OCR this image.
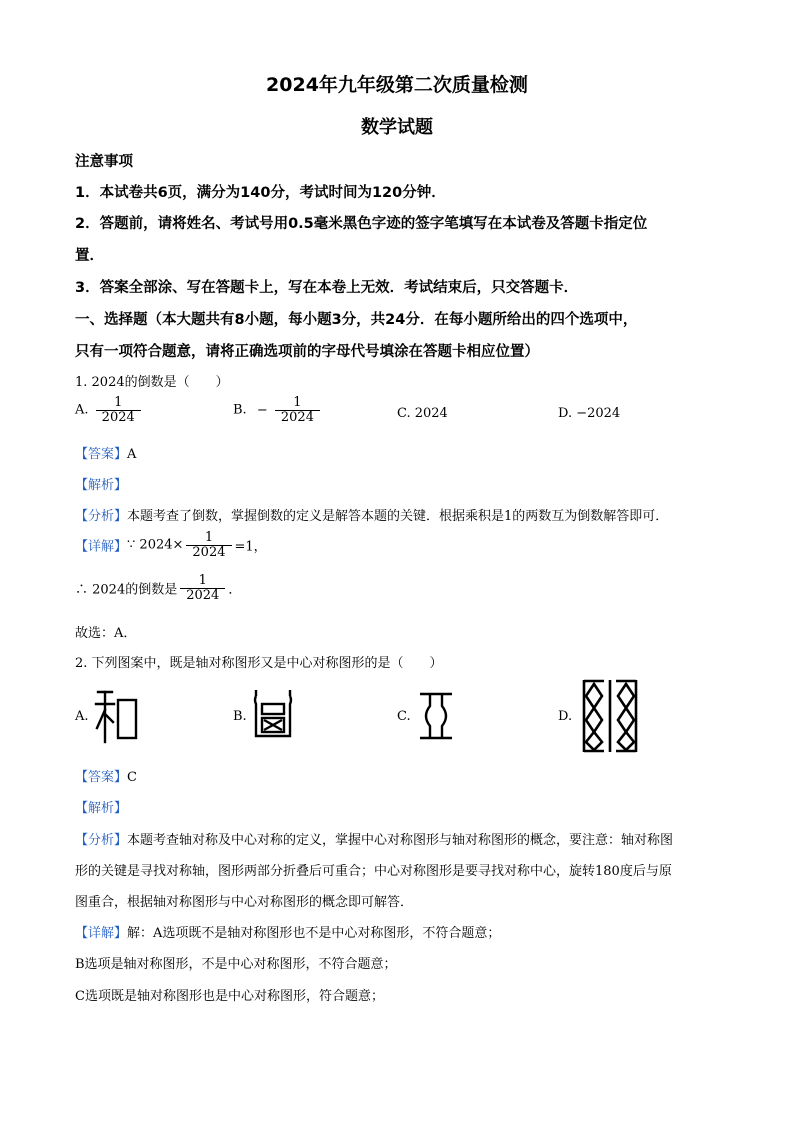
2024年九年级第二次质量检测
数学试题
注意事项
1．本试卷共6页，满分为140分，考试时间为120分钟．
2．答题前，请将姓名、考试号用0.5毫米黑色字迹的签字笔填写在本试卷及答题卡指定位
置．
3．答案全部涂、写在答题卡上，写在本卷上无效．考试结束后，只交答题卡．
一、选择题（本大题共有8小题，每小题3分，共24分．在每小题所给出的四个选项中，
只有一项符合题意，请将正确选项前的字母代号填涂在答题卡相应位置）
1. 2024的倒数是（　　）
A. $\frac{1}{2024}$	B. − $\frac{1}{2024}$	C. 2024	D. −2024
【答案】A
【解析】
【分析】本题考查了倒数，掌握倒数的定义是解答本题的关键．根据乘积是1的两数互为倒数解答即可．
【详解】∵ $2024\times \frac{1}{2024} =1$，
∴ 2024的倒数是 $\frac{1}{2024}$ ．
故选：A．
2. 下列图案中，既是轴对称图形又是中心对称图形的是（　　）
A.	B.	C.	D.
【答案】C
【解析】
【分析】本题考查轴对称及中心对称的定义，掌握中心对称图形与轴对称图形的概念，要注意：轴对称图
形的关键是寻找对称轴，图形两部分折叠后可重合；中心对称图形是要寻找对称中心，旋转180度后与原
图重合，根据轴对称图形与中心对称图形的概念即可解答．
【详解】解：A选项既不是轴对称图形也不是中心对称图形，不符合题意；
B选项是轴对称图形，不是中心对称图形，不符合题意；
C选项既是轴对称图形也是中心对称图形，符合题意；
